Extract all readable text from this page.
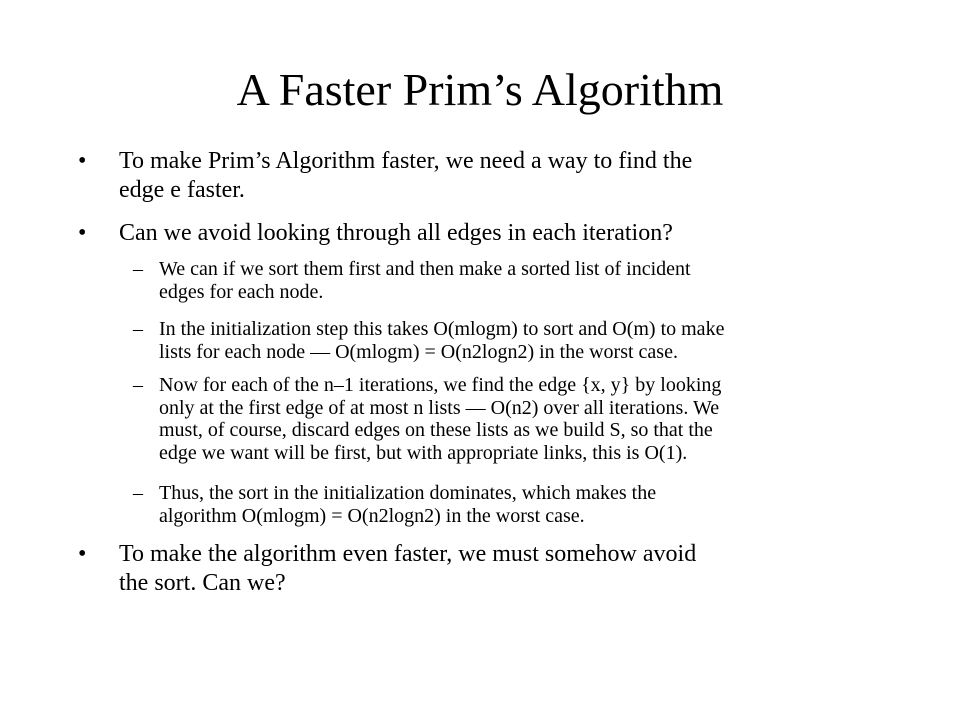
A Faster Prim’s Algorithm
• To make Prim’s Algorithm faster, we need a way to find the
edge e faster.
• Can we avoid looking through all edges in each iteration?
– We can if we sort them first and then make a sorted list of incident
edges for each node.
– In the initialization step this takes O(mlogm) to sort and O(m) to make
lists for each node — O(mlogm) = O(n2logn2) in the worst case.
– Now for each of the n–1 iterations, we find the edge {x, y} by looking
only at the first edge of at most n lists — O(n2) over all iterations. We
must, of course, discard edges on these lists as we build S, so that the
edge we want will be first, but with appropriate links, this is O(1).
– Thus, the sort in the initialization dominates, which makes the
algorithm O(mlogm) = O(n2logn2) in the worst case.
• To make the algorithm even faster, we must somehow avoid
the sort. Can we?
